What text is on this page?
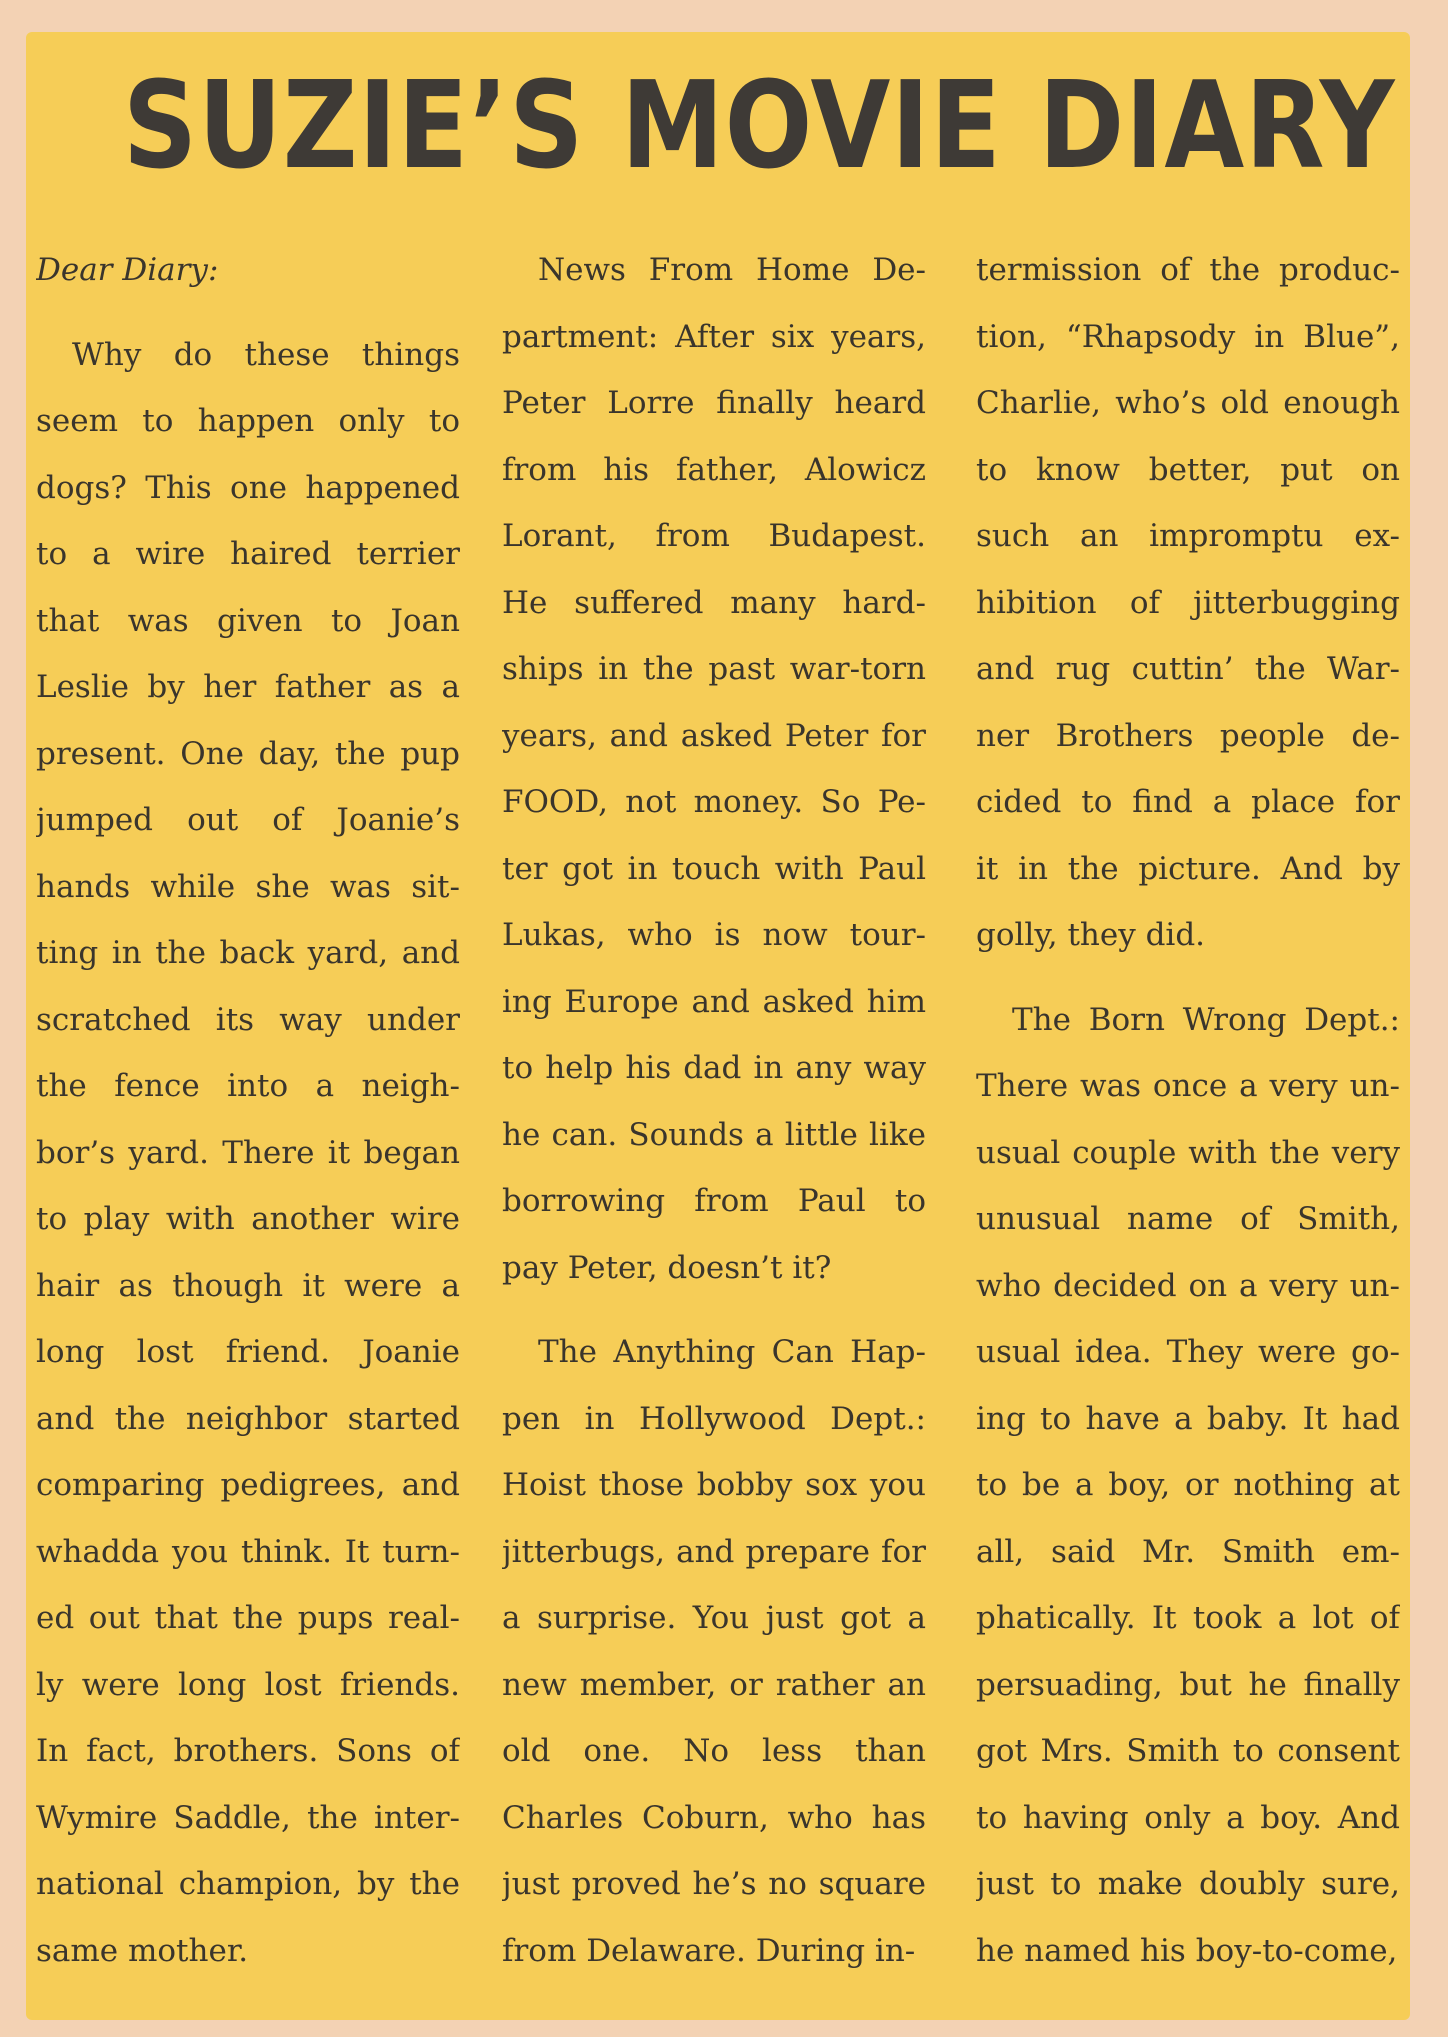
SUZIE’S MOVIE DIARY
Dear Diary:
Why do these things
seem to happen only to
dogs? This one happened
to a wire haired terrier
that was given to Joan
Leslie by her father as a
present. One day, the pup
jumped out of Joanie’s
hands while she was sit-
ting in the back yard, and
scratched its way under
the fence into a neigh-
bor’s yard. There it began
to play with another wire
hair as though it were a
long lost friend. Joanie
and the neighbor started
comparing pedigrees, and
whadda you think. It turn-
ed out that the pups real-
ly were long lost friends.
In fact, brothers. Sons of
Wymire Saddle, the inter-
national champion, by the
same mother.
News From Home De-
partment: After six years,
Peter Lorre finally heard
from his father, Alowicz
Lorant, from Budapest.
He suffered many hard-
ships in the past war-torn
years, and asked Peter for
FOOD, not money. So Pe-
ter got in touch with Paul
Lukas, who is now tour-
ing Europe and asked him
to help his dad in any way
he can. Sounds a little like
borrowing from Paul to
pay Peter, doesn’t it?
The Anything Can Hap-
pen in Hollywood Dept.:
Hoist those bobby sox you
jitterbugs, and prepare for
a surprise. You just got a
new member, or rather an
old one. No less than
Charles Coburn, who has
just proved he’s no square
from Delaware. During in-
termission of the produc-
tion, “Rhapsody in Blue”,
Charlie, who’s old enough
to know better, put on
such an impromptu ex-
hibition of jitterbugging
and rug cuttin’ the War-
ner Brothers people de-
cided to find a place for
it in the picture. And by
golly, they did.
The Born Wrong Dept.:
There was once a very un-
usual couple with the very
unusual name of Smith,
who decided on a very un-
usual idea. They were go-
ing to have a baby. It had
to be a boy, or nothing at
all, said Mr. Smith em-
phatically. It took a lot of
persuading, but he finally
got Mrs. Smith to consent
to having only a boy. And
just to make doubly sure,
he named his boy-to-come,
